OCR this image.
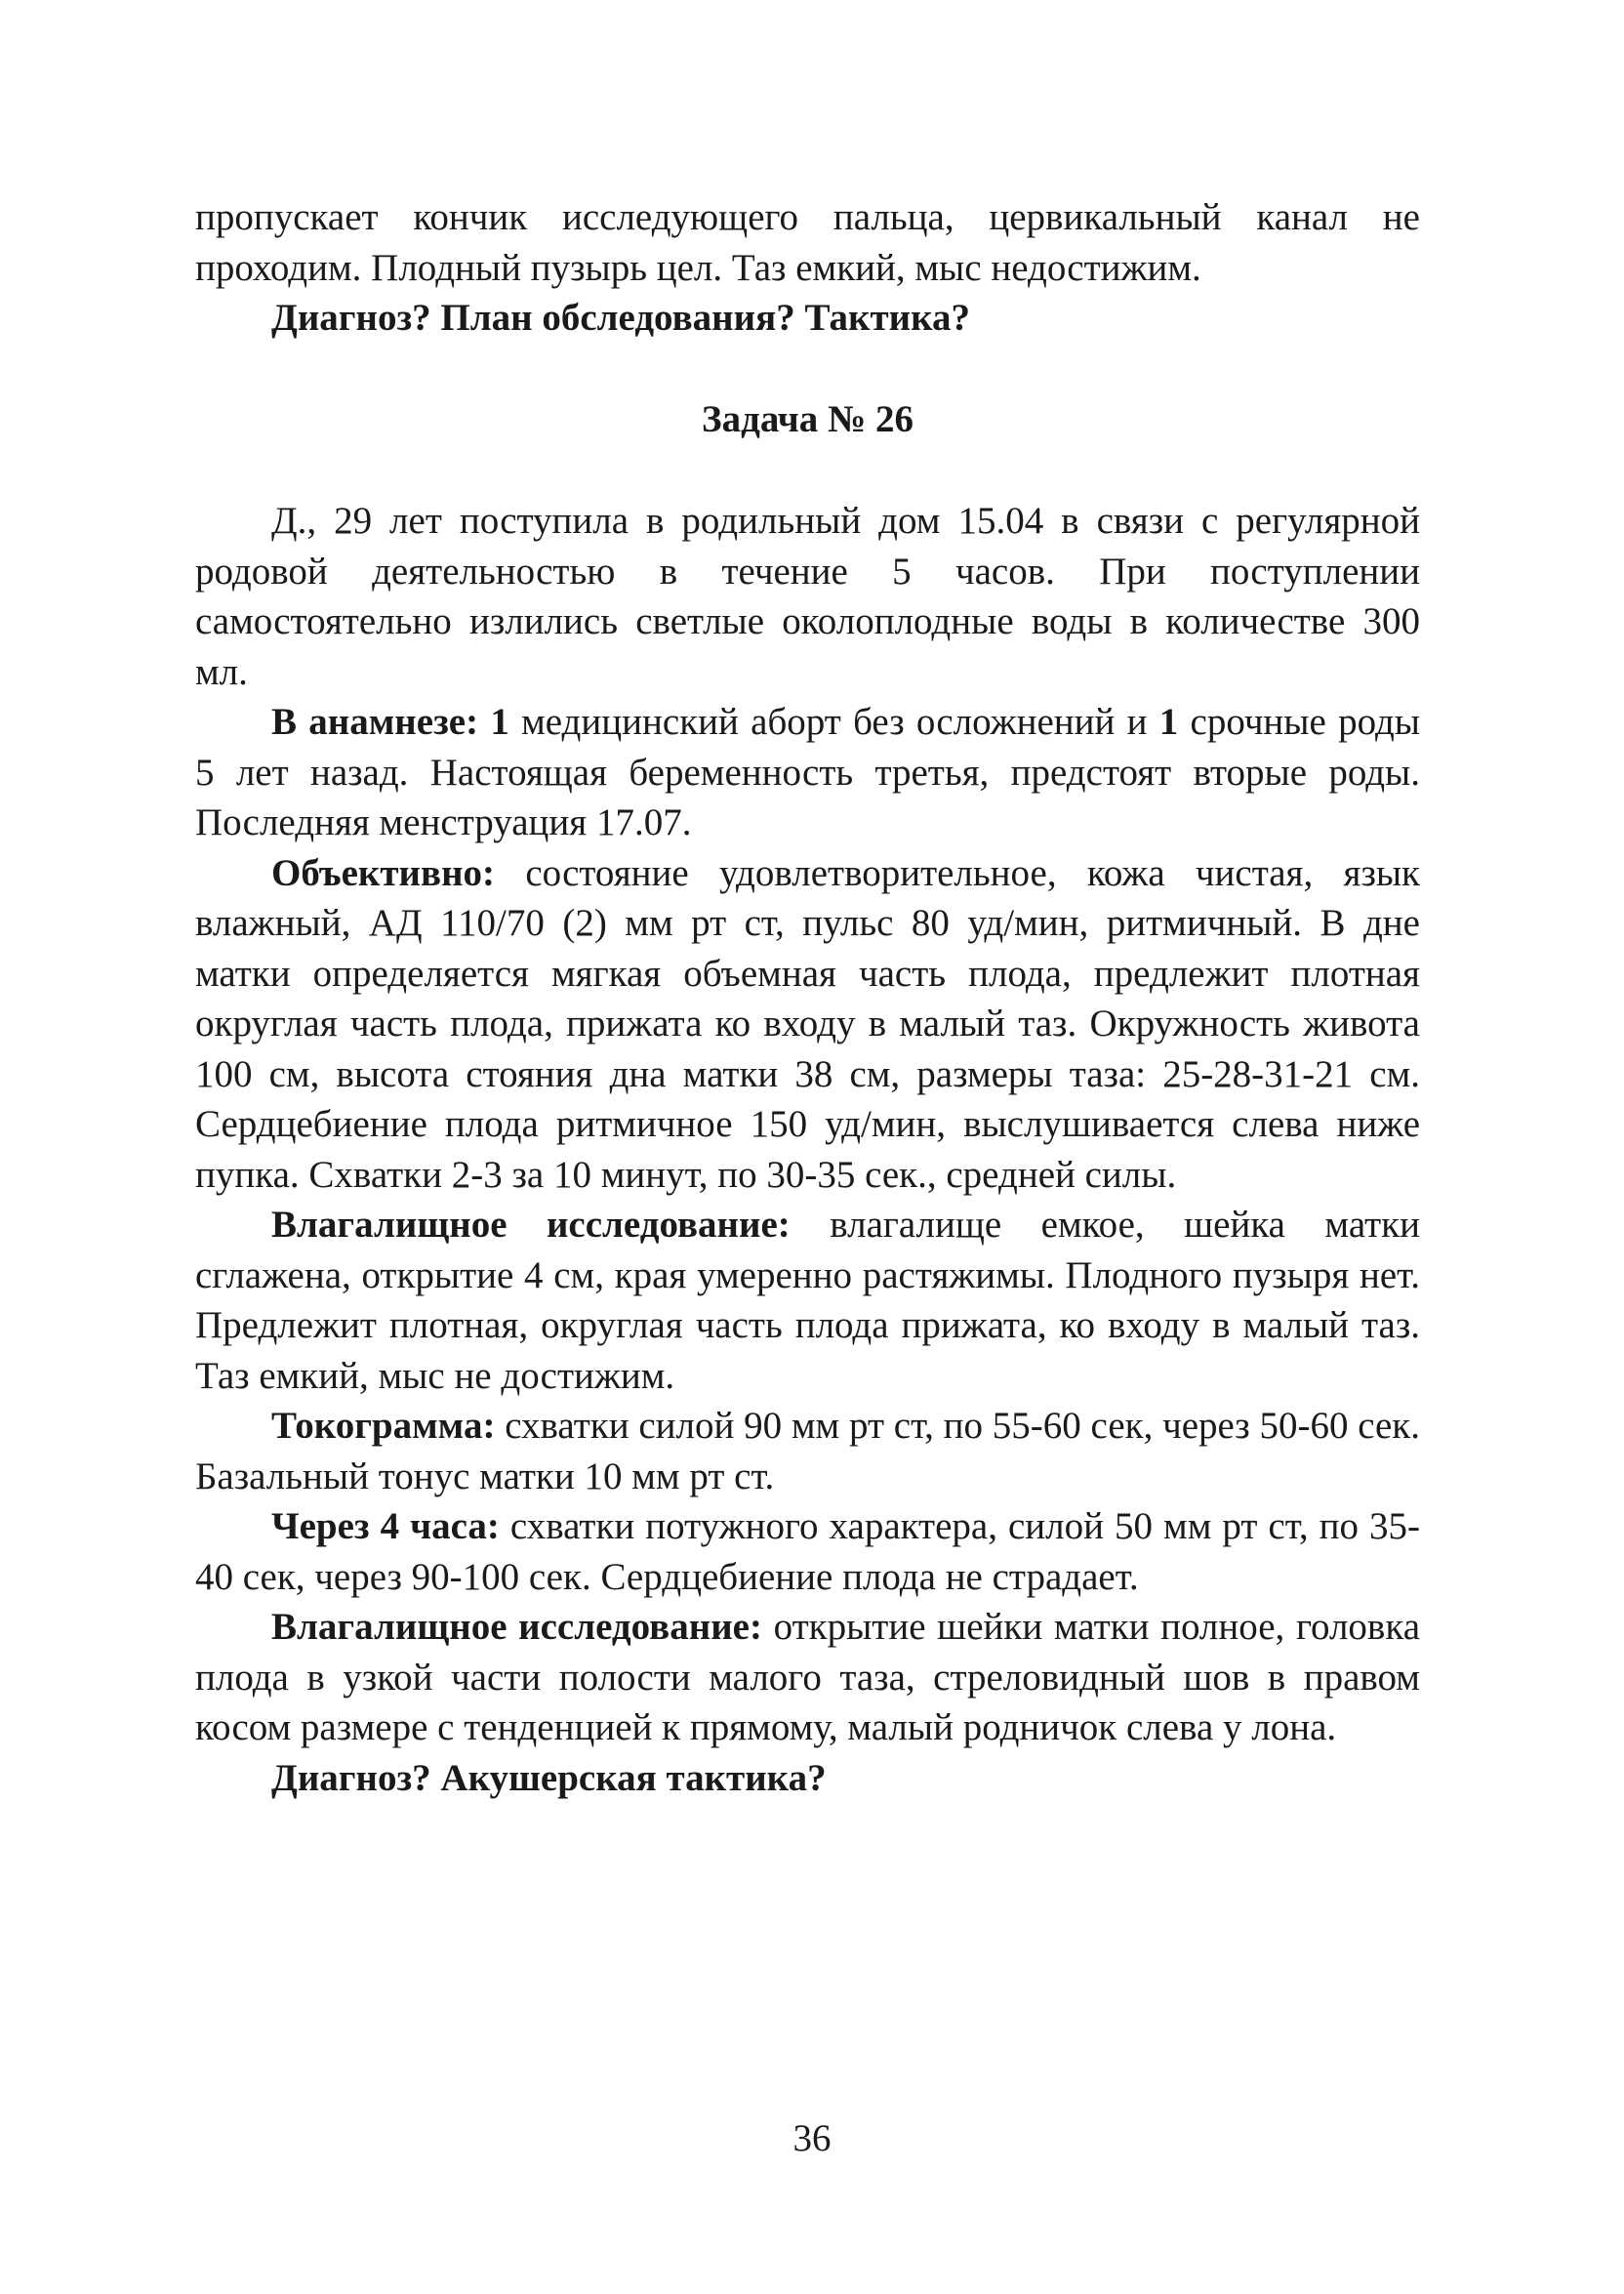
пропускает кончик исследующего пальца, цервикальный канал не проходим. Плодный пузырь цел. Таз емкий, мыс недостижим.

Диагноз? План обследования? Тактика?

Задача № 26

Д., 29 лет поступила в родильный дом 15.04 в связи с регулярной родовой деятельностью в течение 5 часов. При поступлении самостоятельно излились светлые околоплодные воды в количестве 300 мл.

В анамнезе: 1 медицинский аборт без осложнений и 1 срочные роды 5 лет назад. Настоящая беременность третья, предстоят вторые роды. Последняя менструация 17.07.

Объективно: состояние удовлетворительное, кожа чистая, язык влажный, АД 110/70 (2) мм рт ст, пульс 80 уд/мин, ритмичный. В дне матки определяется мягкая объемная часть плода, предлежит плотная округлая часть плода, прижата ко входу в малый таз. Окружность живота 100 см, высота стояния дна матки 38 см, размеры таза: 25-28-31-21 см. Сердцебиение плода ритмичное 150 уд/мин, выслушивается слева ниже пупка. Схватки 2-3 за 10 минут, по 30-35 сек., средней силы.

Влагалищное исследование: влагалище емкое, шейка матки сглажена, открытие 4 см, края умеренно растяжимы. Плодного пузыря нет. Предлежит плотная, округлая часть плода прижата, ко входу в малый таз. Таз емкий, мыс не достижим.

Токограмма: схватки силой 90 мм рт ст, по 55-60 сек, через 50-60 сек. Базальный тонус матки 10 мм рт ст.

Через 4 часа: схватки потужного характера, силой 50 мм рт ст, по 35-40 сек, через 90-100 сек. Сердцебиение плода не страдает.

Влагалищное исследование: открытие шейки матки полное, головка плода в узкой части полости малого таза, стреловидный шов в правом косом размере с тенденцией к прямому, малый родничок слева у лона.

Диагноз? Акушерская тактика?

36
